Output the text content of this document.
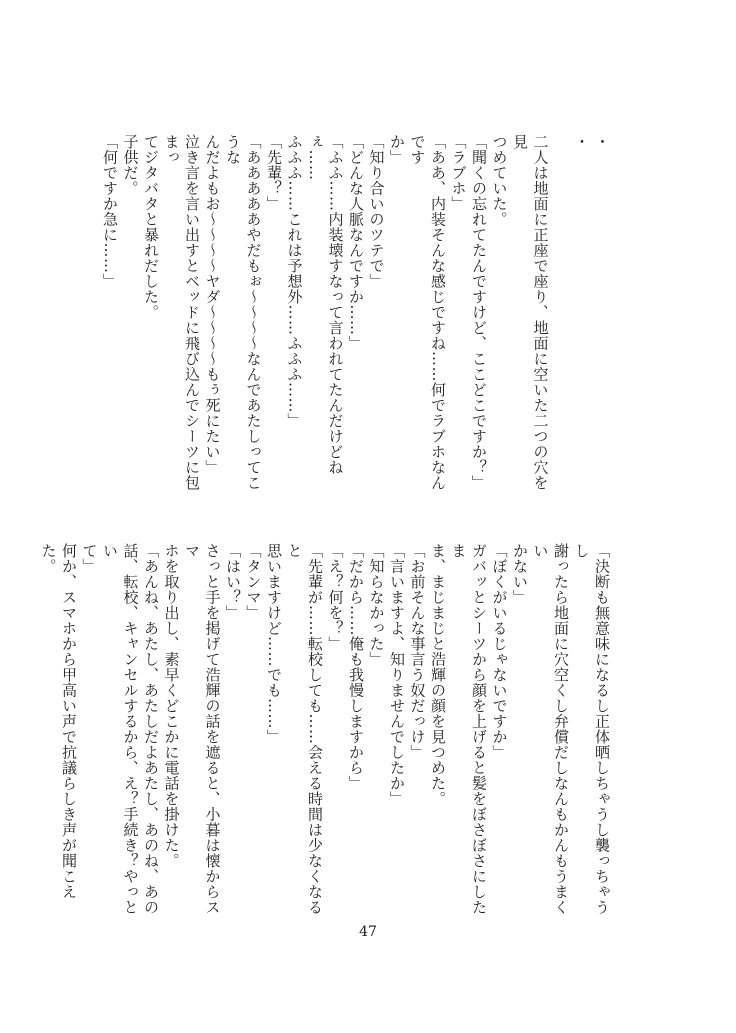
・

・

二人は地面に正座で座り、地面に空いた二つの穴を見

つめていた。

「聞くの忘れてたんですけど、ここどこですか？」

「ラブホ」

「ああ、内装そんな感じですね……何でラブホなんです

か」

「知り合いのツテで」

「どんな人脈なんですか……」

「ふふ……内装壊すなって言われてたんだけどねぇ……

ふふふ……これは予想外……ふふふ……」

「先輩？」

「あああああやだもぉ〜〜〜〜なんであたしってこうな

んだよもお〜〜〜〜ヤダ〜〜〜〜もぅ死にたい」

泣き言を言い出すとベッドに飛び込んでシーツに包まっ

てジタバタと暴れだした。

子供だ。

「何ですか急に……」

「決断も無意味になるし正体晒しちゃうし襲っちゃうし

謝ったら地面に穴空くし弁償だしなんもかんもうまくい

かない」

「ぼくがいるじゃないですか」

ガバッとシーツから顔を上げると髪をぼさぼさにしたま

ま、まじまじと浩輝の顔を見つめた。

「お前そんな事言う奴だっけ」

「言いますよ、知りませんでしたか」

「知らなかった」

「だから……俺も我慢しますから」

「え？何を？」

「先輩が……転校しても……会える時間は少なくなると

思いますけど……でも……」

「タンマ」

「はい？」

さっと手を掲げて浩輝の話を遮ると、小暮は懐からスマ

ホを取り出し、素早くどこかに電話を掛けた。

「あんね、あたし、あたしだよあたし、あのね、あの

話、転校、キャンセルするから、え？手続き？やっとい

て」

何か、スマホから甲高い声で抗議らしき声が聞こえた。

47
